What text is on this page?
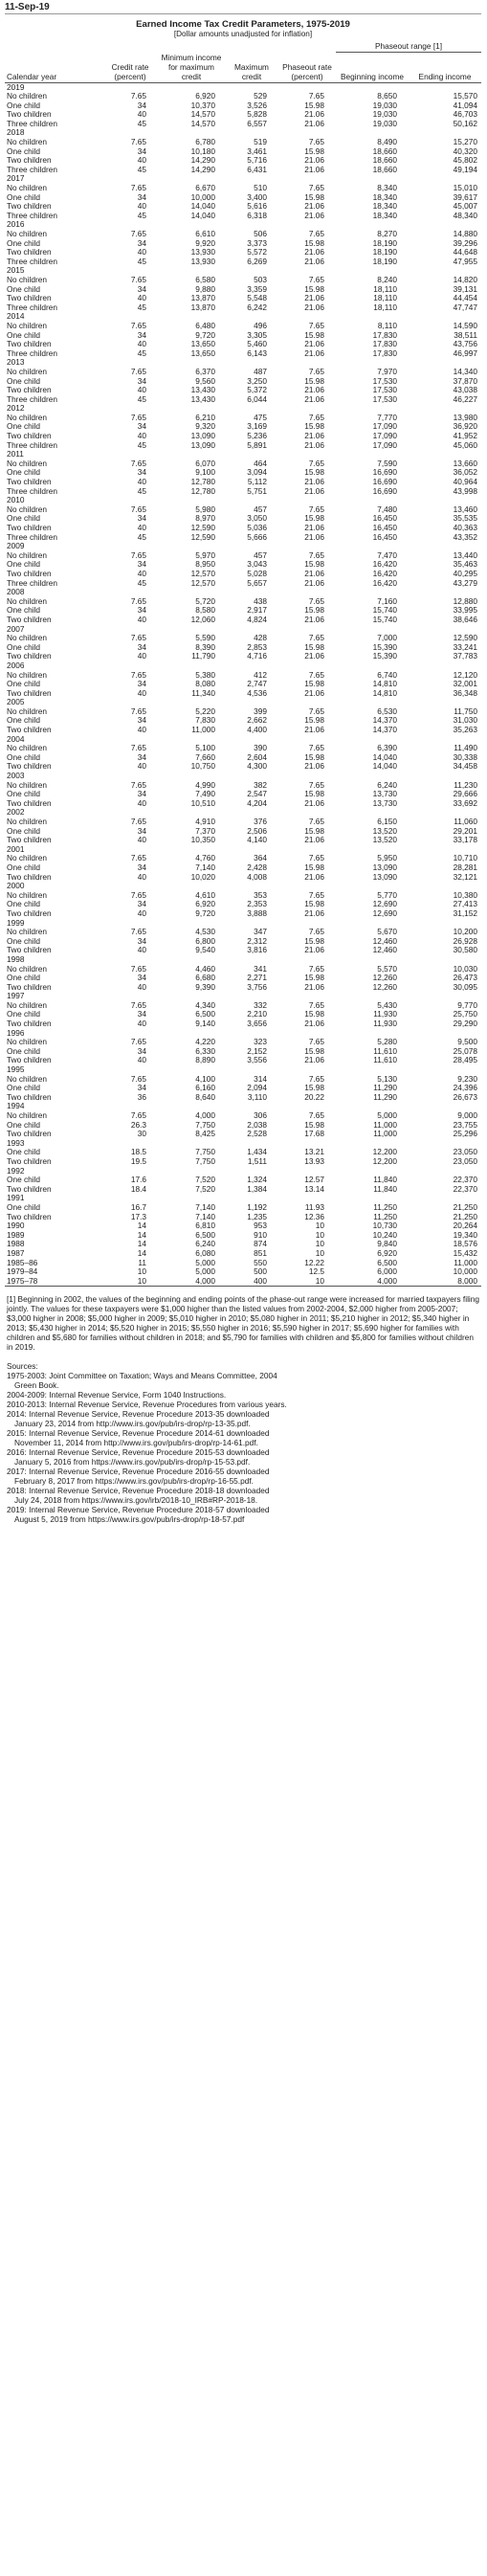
11-Sep-19
Earned Income Tax Credit Parameters, 1975-2019
[Dollar amounts unadjusted for inflation]
					Phaseout range [1]	
Calendar year	Credit rate (percent)	Minimum income for maximum credit	Maximum credit	Phaseout rate (percent)	Beginning income	Ending income
2019						
No children	7.65	6,920	529	7.65	8,650	15,570
One child	34	10,370	3,526	15.98	19,030	41,094
Two children	40	14,570	5,828	21.06	19,030	46,703
Three children	45	14,570	6,557	21.06	19,030	50,162
2018						
No children	7.65	6,780	519	7.65	8,490	15,270
One child	34	10,180	3,461	15.98	18,660	40,320
Two children	40	14,290	5,716	21.06	18,660	45,802
Three children	45	14,290	6,431	21.06	18,660	49,194
2017						
No children	7.65	6,670	510	7.65	8,340	15,010
One child	34	10,000	3,400	15.98	18,340	39,617
Two children	40	14,040	5,616	21.06	18,340	45,007
Three children	45	14,040	6,318	21.06	18,340	48,340
2016						
No children	7.65	6,610	506	7.65	8,270	14,880
One child	34	9,920	3,373	15.98	18,190	39,296
Two children	40	13,930	5,572	21.06	18,190	44,648
Three children	45	13,930	6,269	21.06	18,190	47,955
2015						
No children	7.65	6,580	503	7.65	8,240	14,820
One child	34	9,880	3,359	15.98	18,110	39,131
Two children	40	13,870	5,548	21.06	18,110	44,454
Three children	45	13,870	6,242	21.06	18,110	47,747
2014						
No children	7.65	6,480	496	7.65	8,110	14,590
One child	34	9,720	3,305	15.98	17,830	38,511
Two children	40	13,650	5,460	21.06	17,830	43,756
Three children	45	13,650	6,143	21.06	17,830	46,997
2013						
No children	7.65	6,370	487	7.65	7,970	14,340
One child	34	9,560	3,250	15.98	17,530	37,870
Two children	40	13,430	5,372	21.06	17,530	43,038
Three children	45	13,430	6,044	21.06	17,530	46,227
2012						
No children	7.65	6,210	475	7.65	7,770	13,980
One child	34	9,320	3,169	15.98	17,090	36,920
Two children	40	13,090	5,236	21.06	17,090	41,952
Three children	45	13,090	5,891	21.06	17,090	45,060
2011						
No children	7.65	6,070	464	7.65	7,590	13,660
One child	34	9,100	3,094	15.98	16,690	36,052
Two children	40	12,780	5,112	21.06	16,690	40,964
Three children	45	12,780	5,751	21.06	16,690	43,998
2010						
No children	7.65	5,980	457	7.65	7,480	13,460
One child	34	8,970	3,050	15.98	16,450	35,535
Two children	40	12,590	5,036	21.06	16,450	40,363
Three children	45	12,590	5,666	21.06	16,450	43,352
2009						
No children	7.65	5,970	457	7.65	7,470	13,440
One child	34	8,950	3,043	15.98	16,420	35,463
Two children	40	12,570	5,028	21.06	16,420	40,295
Three children	45	12,570	5,657	21.06	16,420	43,279
2008						
No children	7.65	5,720	438	7.65	7,160	12,880
One child	34	8,580	2,917	15.98	15,740	33,995
Two children	40	12,060	4,824	21.06	15,740	38,646
2007						
No children	7.65	5,590	428	7.65	7,000	12,590
One child	34	8,390	2,853	15.98	15,390	33,241
Two children	40	11,790	4,716	21.06	15,390	37,783
2006						
No children	7.65	5,380	412	7.65	6,740	12,120
One child	34	8,080	2,747	15.98	14,810	32,001
Two children	40	11,340	4,536	21.06	14,810	36,348
2005						
No children	7.65	5,220	399	7.65	6,530	11,750
One child	34	7,830	2,662	15.98	14,370	31,030
Two children	40	11,000	4,400	21.06	14,370	35,263
2004						
No children	7.65	5,100	390	7.65	6,390	11,490
One child	34	7,660	2,604	15.98	14,040	30,338
Two children	40	10,750	4,300	21.06	14,040	34,458
2003						
No children	7.65	4,990	382	7.65	6,240	11,230
One child	34	7,490	2,547	15.98	13,730	29,666
Two children	40	10,510	4,204	21.06	13,730	33,692
2002						
No children	7.65	4,910	376	7.65	6,150	11,060
One child	34	7,370	2,506	15.98	13,520	29,201
Two children	40	10,350	4,140	21.06	13,520	33,178
2001						
No children	7.65	4,760	364	7.65	5,950	10,710
One child	34	7,140	2,428	15.98	13,090	28,281
Two children	40	10,020	4,008	21.06	13,090	32,121
2000						
No children	7.65	4,610	353	7.65	5,770	10,380
One child	34	6,920	2,353	15.98	12,690	27,413
Two children	40	9,720	3,888	21.06	12,690	31,152
1999						
No children	7.65	4,530	347	7.65	5,670	10,200
One child	34	6,800	2,312	15.98	12,460	26,928
Two children	40	9,540	3,816	21.06	12,460	30,580
1998						
No children	7.65	4,460	341	7.65	5,570	10,030
One child	34	6,680	2,271	15.98	12,260	26,473
Two children	40	9,390	3,756	21.06	12,260	30,095
1997						
No children	7.65	4,340	332	7.65	5,430	9,770
One child	34	6,500	2,210	15.98	11,930	25,750
Two children	40	9,140	3,656	21.06	11,930	29,290
1996						
No children	7.65	4,220	323	7.65	5,280	9,500
One child	34	6,330	2,152	15.98	11,610	25,078
Two children	40	8,890	3,556	21.06	11,610	28,495
1995						
No children	7.65	4,100	314	7.65	5,130	9,230
One child	34	6,160	2,094	15.98	11,290	24,396
Two children	36	8,640	3,110	20.22	11,290	26,673
1994						
No children	7.65	4,000	306	7.65	5,000	9,000
One child	26.3	7,750	2,038	15.98	11,000	23,755
Two children	30	8,425	2,528	17.68	11,000	25,296
1993						
One child	18.5	7,750	1,434	13.21	12,200	23,050
Two children	19.5	7,750	1,511	13.93	12,200	23,050
1992						
One child	17.6	7,520	1,324	12.57	11,840	22,370
Two children	18.4	7,520	1,384	13.14	11,840	22,370
1991						
One child	16.7	7,140	1,192	11.93	11,250	21,250
Two children	17.3	7,140	1,235	12.36	11,250	21,250
1990	14	6,810	953	10	10,730	20,264
1989	14	6,500	910	10	10,240	19,340
1988	14	6,240	874	10	9,840	18,576
1987	14	6,080	851	10	6,920	15,432
1985–86	11	5,000	550	12.22	6,500	11,000
1979–84	10	5,000	500	12.5	6,000	10,000
1975–78	10	4,000	400	10	4,000	8,000
[1] Beginning in 2002, the values of the beginning and ending points of the phase-out range were increased for married taxpayers filing jointly. The values for these taxpayers were $1,000 higher than the listed values from 2002-2004, $2,000 higher from 2005-2007; $3,000 higher in 2008; $5,000 higher in 2009; $5,010 higher in 2010; $5,080 higher in 2011; $5,210 higher in 2012; $5,340 higher in 2013; $5,430 higher in 2014; $5,520 higher in 2015; $5,550 higher in 2016; $5,590 higher in 2017; $5,690 higher for families with children and $5,680 for families without children in 2018; and $5,790 for families with children and $5,800 for families without children in 2019.
Sources:
1975-2003: Joint Committee on Taxation; Ways and Means Committee, 2004
Green Book.
2004-2009: Internal Revenue Service, Form 1040 Instructions.
2010-2013: Internal Revenue Service, Revenue Procedures from various years.
2014: Internal Revenue Service, Revenue Procedure 2013-35 downloaded
January 23, 2014 from http://www.irs.gov/pub/irs-drop/rp-13-35.pdf.
2015: Internal Revenue Service, Revenue Procedure 2014-61 downloaded
November 11, 2014 from http://www.irs.gov/pub/irs-drop/rp-14-61.pdf.
2016: Internal Revenue Service, Revenue Procedure 2015-53 downloaded
January 5, 2016 from https://www.irs.gov/pub/irs-drop/rp-15-53.pdf.
2017: Internal Revenue Service, Revenue Procedure 2016-55 downloaded
February 8, 2017 from https://www.irs.gov/pub/irs-drop/rp-16-55.pdf.
2018: Internal Revenue Service, Revenue Procedure 2018-18 downloaded
July 24, 2018 from https://www.irs.gov/irb/2018-10_IRB#RP-2018-18.
2019: Internal Revenue Service, Revenue Procedure 2018-57 downloaded
August 5, 2019 from https://www.irs.gov/pub/irs-drop/rp-18-57.pdf
